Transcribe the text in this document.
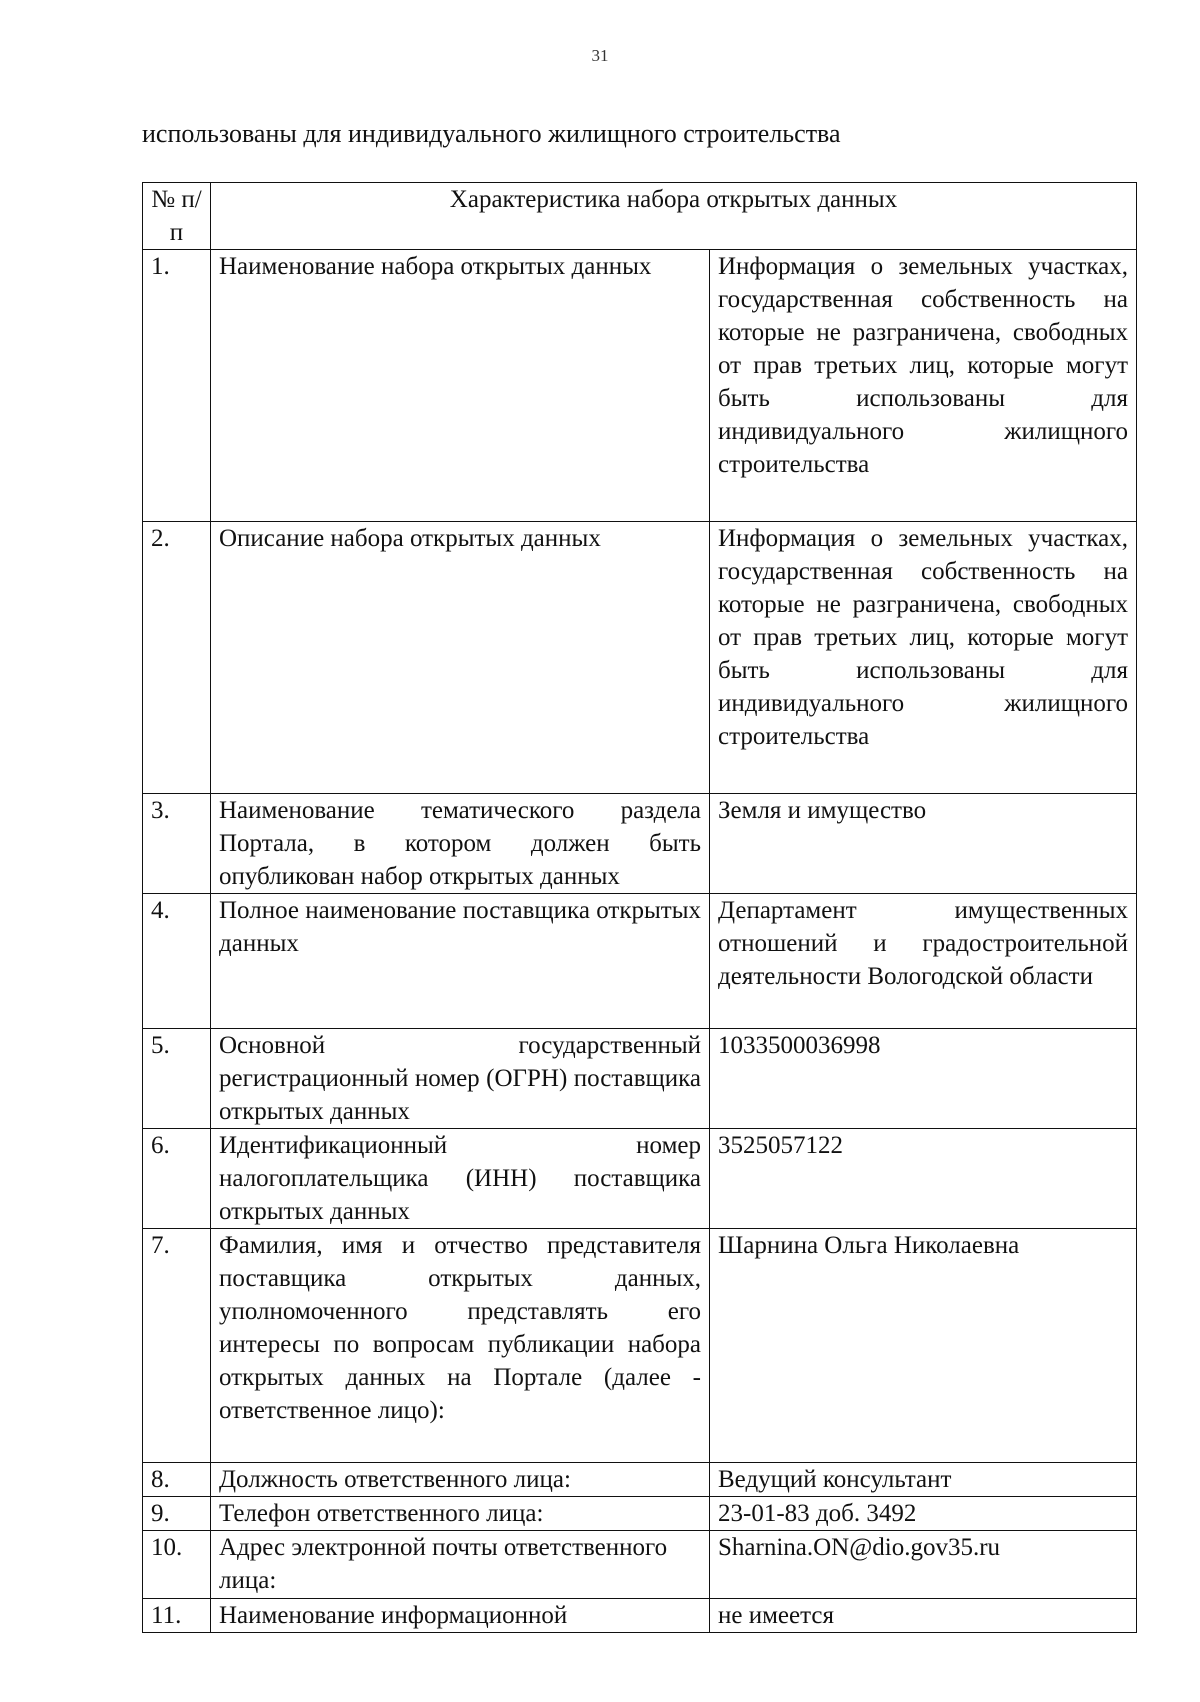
31
использованы для индивидуального жилищного строительства
№ п/п	Характеристика набора открытых данных	
1.	Наименование набора открытых данных	Информация о земельных участках, государственная собственность на которые не разграничена, свободных от прав третьих лиц, которые могут быть использованы для индивидуального жилищного строительства
2.	Описание набора открытых данных	Информация о земельных участках, государственная собственность на которые не разграничена, свободных от прав третьих лиц, которые могут быть использованы для индивидуального жилищного строительства
3.	Наименование тематического раздела Портала, в котором должен быть опубликован набор открытых данных	Земля и имущество
4.	Полное наименование поставщика открытых данных	Департамент имущественных отношений и градостроительной деятельности Вологодской области
5.	Основной государственный регистрационный номер (ОГРН) поставщика открытых данных	1033500036998
6.	Идентификационный номер налогоплательщика (ИНН) поставщика открытых данных	3525057122
7.	Фамилия, имя и отчество представителя поставщика открытых данных, уполномоченного представлять его интересы по вопросам публикации набора открытых данных на Портале (далее - ответственное лицо):	Шарнина Ольга Николаевна
8.	Должность ответственного лица:	Ведущий консультант
9.	Телефон ответственного лица:	23-01-83 доб. 3492
10.	Адрес электронной почты ответственного лица:	Sharnina.ON@dio.gov35.ru
11.	Наименование информационной	не имеется
